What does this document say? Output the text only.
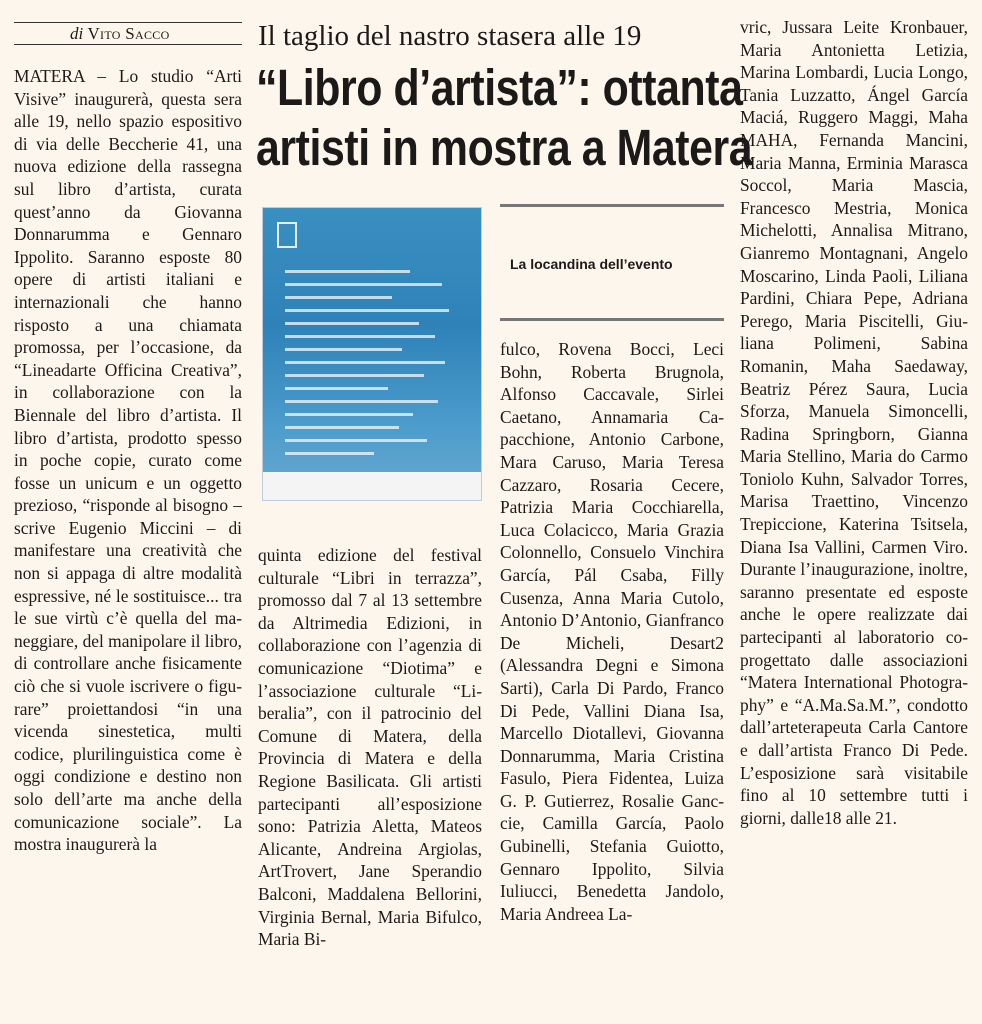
di Vito Sacco	Il taglio del nastro stasera alle 19
“Libro d’artista”: ottanta
artisti in mostra a Matera
La locandina dell’evento

MATERA – Lo studio “Arti Visive” inaugurerà, questa sera alle 19, nello spazio espositivo di via delle Beccherie 41, una nuova edizione della rassegna sul libro d’artista, curata quest’anno da Giovanna Donnarumma e Gennaro Ippolito. Saranno esposte 80 opere di artisti italiani e internazionali che hanno risposto a una chiamata promossa, per l’occasione, da “Lineadarte Officina Creativa”, in collaborazione con la Biennale del libro d’artista. Il libro d’artista, prodotto spesso in poche copie, curato come fosse un unicum e un oggetto prezioso, “risponde al bisogno – scrive Eugenio Miccini – di manifestare una creatività che non si appaga di altre modalità espressive, né le sostituisce... tra le sue virtù c’è quella del maneggiare, del manipolare il libro, di controllare anche fisicamente ciò che si vuole iscrivere o figurare” proiettandosi “in una vicenda sinestetica, multi codice, plurilinguistica come è oggi condizione e destino non solo dell’arte ma anche della comunicazione sociale”. La mostra inaugurerà la

quinta edizione del festival culturale “Libri in terrazza”, promosso dal 7 al 13 settembre da Altrimedia Edizioni, in collaborazione con l’agenzia di comunicazione “Diotima” e l’associazione culturale “Liberalia”, con il patrocinio del Comune di Matera, della Provincia di Matera e della Regione Basilicata. Gli artisti partecipanti all’esposizione sono: Patrizia Aletta, Mateos Alicante, Andreina Argiolas, ArtTrovert, Jane Sperandio Balconi, Maddalena Bellorini, Virginia Bernal, Maria Bifulco, Maria Bi-

fulco, Rovena Bocci, Leci Bohn, Roberta Brugnola, Alfonso Caccavale, Sirlei Caetano, Annamaria Capacchione, Antonio Carbone, Mara Caruso, Maria Teresa Cazzaro, Rosaria Cecere, Patrizia Maria Cocchiarella, Luca Colacicco, Maria Grazia Colonnello, Consuelo Vinchira García, Pál Csaba, Filly Cusenza, Anna Maria Cutolo, Antonio D’Antonio, Gianfranco De Micheli, Desart2 (Alessandra Degni e Simona Sarti), Carla Di Pardo, Franco Di Pede, Vallini Diana Isa, Marcello Diotallevi, Giovanna Donnarumma, Maria Cristina Fasulo, Piera Fidentea, Luiza G. P. Gutierrez, Rosalie Ganccie, Camilla García, Paolo Gubinelli, Stefania Guiotto, Gennaro Ippolito, Silvia Iuliucci, Benedetta Jandolo, Maria Andreea La-

vric, Jussara Leite Kronbauer, Maria Antonietta Letizia, Marina Lombardi, Lucia Longo, Tania Luzzatto, Ángel García Maciá, Ruggero Maggi, Maha MAHA, Fernanda Mancini, Maria Manna, Erminia Marasca Soccol, Maria Mascia, Francesco Mestria, Monica Michelotti, Annalisa Mitrano, Gianremo Montagnani, Angelo Moscarino, Linda Paoli, Liliana Pardini, Chiara Pepe, Adriana Perego, Maria Piscitelli, Giuliana Polimeni, Sabina Romanin, Maha Saedaway, Beatriz Pérez Saura, Lucia Sforza, Manuela Simoncelli, Radina Springborn, Gianna Maria Stellino, Maria do Carmo Toniolo Kuhn, Salvador Torres, Marisa Traettino, Vincenzo Trepiccione, Katerina Tsitsela, Diana Isa Vallini, Carmen Viro. Durante l’inaugurazione, inoltre, saranno presentate ed esposte anche le opere realizzate dai partecipanti al laboratorio co-progettato dalle associazioni “Matera International Photography” e “A.Ma.Sa.M.”, condotto dall’arteterapeuta Carla Cantore e dall’artista Franco Di Pede. L’esposizione sarà visitabile fino al 10 settembre tutti i giorni, dalle18 alle 21.
